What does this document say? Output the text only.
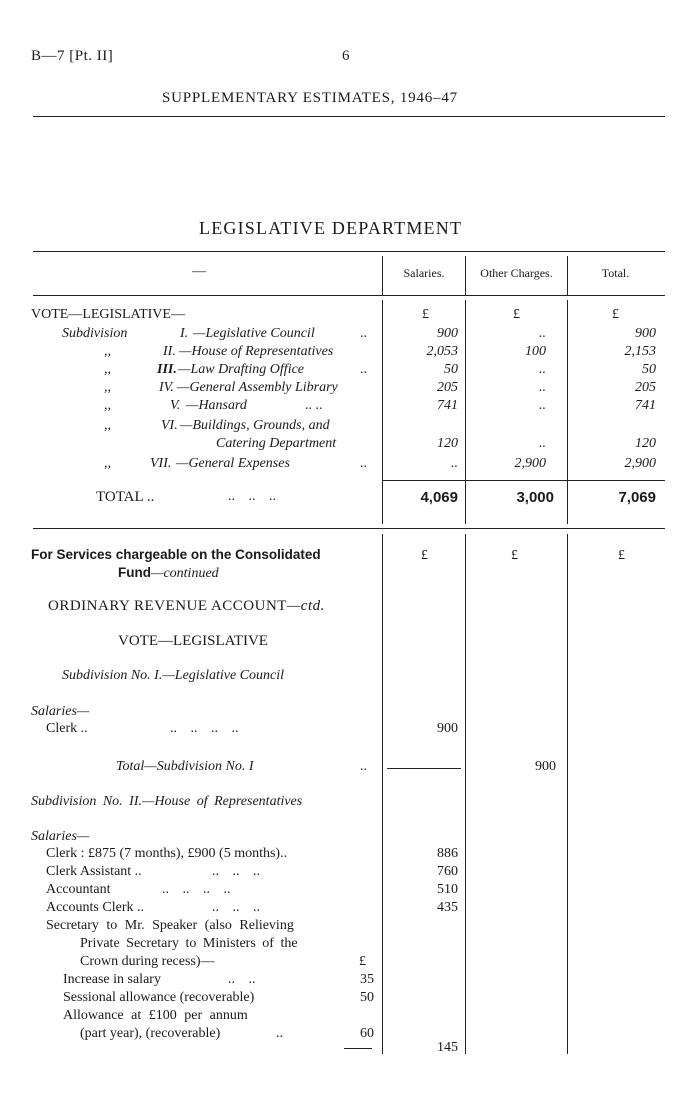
B—7 [Pt. II]	6
SUPPLEMENTARY ESTIMATES, 1946–47
LEGISLATIVE DEPARTMENT
—	Salaries.	Other Charges.	Total.
VOTE—LEGISLATIVE—	£	£	£
Subdivision	I. —Legislative Council	..	900	..	900
,,	II. —House of Representatives	2,053	100	2,153
,,	III. —Law Drafting Office	..	50	..	50
,,	IV. —General Assembly Library	205	..	205
,,	V. —Hansard	.. ..	741	..	741
,,	VI. —Buildings, Grounds, and
Catering Department	120	..	120
,,	VII. —General Expenses	..	..	2,900	2,900
TOTAL ..	.. .. ..	4,069	3,000	7,069
For Services chargeable on the Consolidated	£	£	£
Fund—continued
ORDINARY REVENUE ACCOUNT—ctd.
VOTE—LEGISLATIVE
Subdivision No. I.—Legislative Council
Salaries—
Clerk ..	.. .. .. ..	900
Total—Subdivision No. I	..	900
Subdivision No. II.—House of Representatives
Salaries—
Clerk : £875 (7 months), £900 (5 months)..	886
Clerk Assistant ..	.. .. ..	760
Accountant	.. .. .. ..	510
Accounts Clerk ..	.. .. ..	435
Secretary to Mr. Speaker (also Relieving
Private Secretary to Ministers of the
Crown during recess)—	£
Increase in salary	.. ..	35
Sessional allowance (recoverable)	50
Allowance at £100 per annum
(part year), (recoverable)	..	60
145
